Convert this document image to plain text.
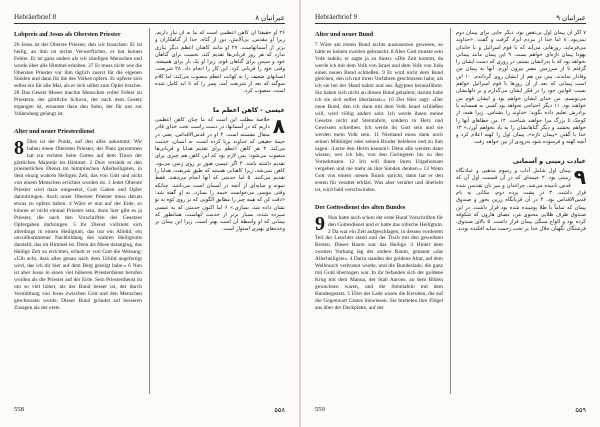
Hebräerbrief 8	عبرانیان ۸
Lobpreis auf Jesus als Obersten Priester

26 Jesus ist der Oberste Priester, den wir brauchen: Er ist heilig, an ihm ist nichts Verwerfliches, er hat keinen Fehler. Er ist ganz anders als wir sündigen Menschen und wurde über alle Himmel erhoben. 27 Er muss nicht wie die Obersten Priester vor ihm täglich zuerst für die eigenen Sünden und dann für die des Volkes opfern. Er opferte sich selbst ein für alle Mal, als er sich selbst zum Opfer brachte. 28 Das Gesetz Moses machte Menschen voller Fehler zu Priestern; der göttliche Schwur, der nach dem Gesetz ergangen ist, ernannte dazu den Sohn, der für uns zur Vollendung gelangt ist.

Alter und neuer Priesterdienst
8 Dies ist der Punkt, auf den alles ankommt: Wir haben einen Obersten Priester, der Platz genommen hat zur rechten Seite Gottes auf dem Thron der göttlichen Majestät im Himmel. 2 Dort versieht er den priesterlichen Dienst im himmlischen Allerheiligsten, in dem einzig wahren Heiligen Zelt, das von Gott und nicht von einem Menschen errichtet worden ist. 3 Jeder Oberste Priester wird dazu eingesetzt, Gott Gaben und Opfer darzubringen. Auch unser Oberster Priester muss darum etwas zu opfern haben. 4 Wäre er nun auf der Erde, so könnte er nicht einmal Priester sein, denn hier gibt es ja Priester, die nach den Vorschriften des Gesetzes Opfergaben darbringen. 5 Ihr Dienst vollzieht sich allerdings in einem Heiligtum, das nur ein Abbild, ein unvollkommener Nachbildung des wahren Heiligtums darstellt, das im Himmel ist. Denn als Mose daranging, das Heilige Zelt zu errichten, erhielt er von Gott die Weisung: »Gib acht, dass alles genau nach dem Urbild angefertigt wird, das ich dir hier auf dem Berg gezeigt habe.« 6 Nun ist aber Jesus in einen viel höheren Priesterdienst berufen worden als die Priester auf der Erde. Sein Priesterdienst ist um so viel höher, als der Bund besser ist, der durch Vermittlung von Jesus zwischen Gott und den Menschen geschlossen wurde. Dieser Bund gründet auf besseren Zusagen als der erste.

۲۶ او حقیقتاً آن کاهن اعظمی است که ما به آن نیاز داریم، زیرا او مقدس، بی‌آلایش، دور از گناه، جدا از گناهکاران و برتر از آسمانهاست. ۲۷ او مانند کاهنان اعظم دیگر نیازی ندارد که هر روز قربانی‌ها تقدیم کند، نخست برای گناهان خود و سپس برای گناهان قوم. زیرا او یک بار برای همیشه، وقتی خود را قربانی کرد، این کار را انجام داد. ۲۸ شریعت، انسانهای ضعیف را به کهانت اعظم منصوب می‌کند، اما کلام سوگند که بعد از شریعت آمد، پسر را که تا ابد کامل شده است، منصوب کرد.

عیسی - کاهن اعظم ما
۸

خلاصهٔ مطلب این است که ما چنان کاهن اعظمی داریم که در آسمانها، در دست راست تخت خدای قادر متعال نشسته است. ۲ او در قدس‌الاقداس، یعنی در خیمهٔ حقیقی که خداوند برپا کرده است، نه انسان، خدمت می‌کند. ۳ هر کاهن اعظم برای تقدیم هدایا و قربانی‌ها منصوب می‌شود؛ پس لازم بود که این کاهن هم چیزی برای تقدیم داشته باشد. ۴ اگر عیسی هنوز بر روی زمین می‌بود، کاهن نمی‌شد، زیرا کاهنانی هستند که طبق شریعت، هدایا را تقدیم می‌کنند. ۵ اما خدمتی که آنها انجام می‌دهند، فقط نمونه و سایه‌ای از آنچه در آسمان است می‌باشد. چنانکه وقتی موسی می‌خواست خیمه را بسازد، به او گفته شد: «دقت کن که همه چیز را مطابق الگویی که بر روی کوه به تو نشان داده شد، بسازی.» ۶ اما اکنون خدمتی که به عیسی سپرده شده، بسیار برتر از خدمت آنهاست، همانطور که پیمانی که او واسطهٔ آن است بهتر است، زیرا این پیمان بر وعده‌های بهتری استوار است.

558	۵۵۸
Hebräerbrief 9	عبرانیان ۹
Alter und neuer Bund

7 Wäre am ersten Bund nichts auszusetzen gewesen, so hätte es keinen zweiten gebraucht. 8 Aber Gott musste sein Volk tadeln; er sagte ja zu ihnen: »Die Zeit kommt, da werde ich mit dem Volk von Israel und dem Volk von Juda einen neuen Bund schließen. 9 Er wird nicht dem Bund gleichen, den ich mit ihren Vorfahren geschlossen habe, als ich sie bei der Hand nahm und aus Ägypten herausführte. Sie haben sich nicht an diesen Bund gehalten; darum habe ich sie sich selbst überlassen.« 10 Der Herr sagt: »Der neue Bund, den ich dann mit dem Volk Israel schließen will, wird völlig anders sein: Ich werde ihnen meine Gesetze nicht auf Steintafeln, sondern in Herz und Gewissen schreiben. Ich werde ihr Gott sein und sie werden mein Volk sein. 11 Niemand muss dann noch seinen Mitbürger oder seinen Bruder belehren und zu ihm sagen: ›Lerne den Herrn kennen!‹ Denn alle werden dann wissen, wer ich bin, von den Geringsten bis zu den Vornehmsten. 12 Ich will ihnen ihren Ungehorsam vergeben und nie mehr an ihre Sünden denken.« 13 Wenn Gott von einem ›neuen Bund‹ spricht, dann hat er den ersten für veraltet erklärt. Was aber veraltet und überlebt ist, wird bald verschwinden.

Der Gottesdienst des alten Bundes
9 Nun hatte auch schon der erste Bund Vorschriften für den Gottesdienst und er hatte das irdische Heiligtum. 2 Da war ein Zelt aufgeschlagen, in dessen vorderem Teil der Leuchter stand und der Tisch mit den geweihten Broten. Dieser Raum war das Heilige. 3 Hinter dem zweiten Vorhang lag der andere Raum, genannt »das Allerheiligste«. 4 Darin standen der goldene Altar, auf dem Weihrauch verbrannt wurde, und die Bundeslade, die ganz mit Gold überzogen war. In ihr befanden sich der goldene Krug mit dem Manna, der Stab Aarons, an dem Blüten gewachsen waren, und die Steintafeln mit dem Bundesgesetz. 5 Über der Lade waren die Keruben, die auf die Gegenwart Gottes hinwiesen. Sie breiteten ihre Flügel aus über der Deckplatte, auf der

۷ اگر آن پیمان اول بی‌نقص بود، دیگر جایی برای پیمان دوم نمی‌بود. ۸ اما خدا از مردم ایراد گرفت و گفت: «خداوند می‌فرماید، روزهایی می‌آید که با قوم اسرائیل و با خاندان یهودا پیمان تازه‌ای خواهم بست. ۹ این پیمان مانند پیمانی نخواهد بود که با پدرانشان بستم، در روزی که دست ایشان را گرفتم تا از سرزمین مصر بیرون آورم. آنها به پیمان من وفادار نماندند، پس من هم از ایشان روی گرداندم. ۱۰ این است پیمانی که بعد از آن روزها با قوم اسرائیل خواهم بست: قوانین خود را در فکر ایشان می‌گذارم و بر دلهایشان می‌نویسم. من خدای ایشان خواهم بود و ایشان قوم من خواهند بود. ۱۱ دیگر احتیاجی نخواهد بود کسی به همسایه یا برادرش تعلیم داده بگوید: خداوند را بشناس، زیرا همه، از کوچک تا بزرگ مرا خواهند شناخت. ۱۲ من خطاهای آنها را خواهم بخشید و دیگر گناهانشان را به یاد نخواهم آورد.» ۱۳ خدا با گفتن «پیمان تازه»، پیمان اول را کهنه اعلام کرد و آنچه کهنه و فرسوده شود به‌زودی از بین خواهد رفت.

عبادت زمینی و آسمانی
۹

پیمان اول شامل آداب و رسوم مذهبی و عبادتگاه زمینی بود. ۲ خیمه‌ای که در آن قسمت اول آن که قدس نامیده می‌شد، چراغدان و میز نان تقدیس شده قرار داشت. ۳ در پشت پرده دوم، مکانی به نام قدس‌الاقداس بود. ۴ در آن قربانگاه زرین بخور و صندوق پیمان که تماماً با طلا پوشیده شده بود قرار داشت. در این صندوق ظرف طلایی محتوی مَن، عصای هارون که شکوفه کرده بود و الواح سنگی پیمان قرار داشت. ۵ بالای صندوق، فرشتگان نگهبان جلال خدا بر تخت رحمت سایه افکنده بودند.

559	۵۵۹
